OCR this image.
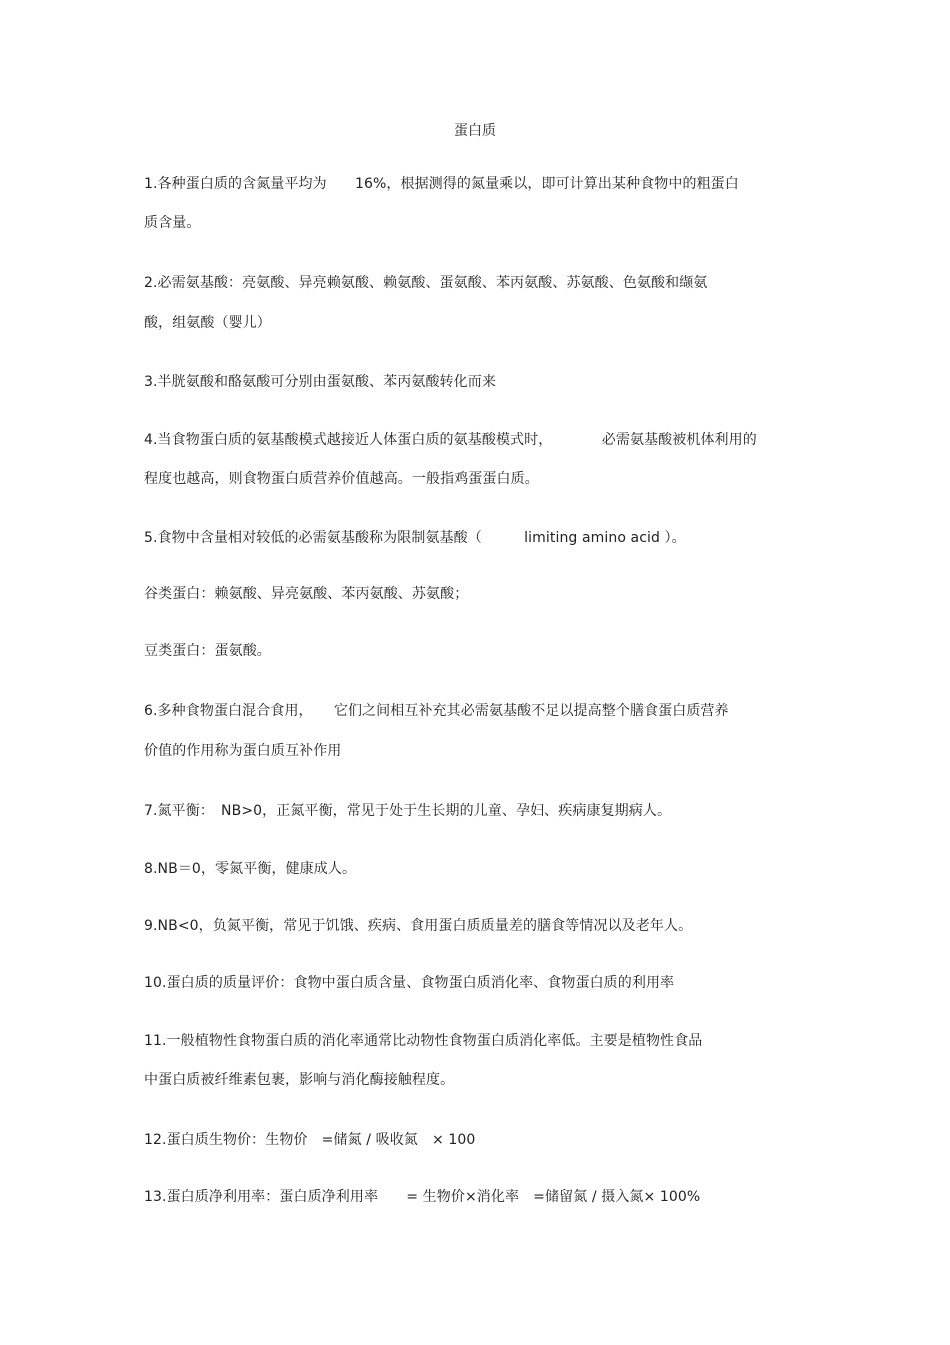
蛋白质
1.各种蛋白质的含氮量平均为　　16%，根据测得的氮量乘以，即可计算出某种食物中的粗蛋白
质含量。
2.必需氨基酸：亮氨酸、异亮赖氨酸、赖氨酸、蛋氨酸、苯丙氨酸、苏氨酸、色氨酸和缬氨
酸，组氨酸（婴儿）
3.半胱氨酸和酪氨酸可分别由蛋氨酸、苯丙氨酸转化而来
4.当食物蛋白质的氨基酸模式越接近人体蛋白质的氨基酸模式时，　　　　必需氨基酸被机体利用的
程度也越高，则食物蛋白质营养价值越高。一般指鸡蛋蛋白质。
5.食物中含量相对较低的必需氨基酸称为限制氨基酸（　　　limiting amino acid ）。
谷类蛋白：赖氨酸、异亮氨酸、苯丙氨酸、苏氨酸；
豆类蛋白：蛋氨酸。
6.多种食物蛋白混合食用，　　它们之间相互补充其必需氨基酸不足以提高整个膳食蛋白质营养
价值的作用称为蛋白质互补作用
7.氮平衡：　NB>0，正氮平衡，常见于处于生长期的儿童、孕妇、疾病康复期病人。
8.NB＝0，零氮平衡，健康成人。
9.NB<0，负氮平衡，常见于饥饿、疾病、食用蛋白质质量差的膳食等情况以及老年人。
10.蛋白质的质量评价：食物中蛋白质含量、食物蛋白质消化率、食物蛋白质的利用率
11.一般植物性食物蛋白质的消化率通常比动物性食物蛋白质消化率低。主要是植物性食品
中蛋白质被纤维素包裹，影响与消化酶接触程度。
12.蛋白质生物价：生物价　=储氮 / 吸收氮　× 100
13.蛋白质净利用率：蛋白质净利用率　　= 生物价×消化率　=储留氮 / 摄入氮× 100%
